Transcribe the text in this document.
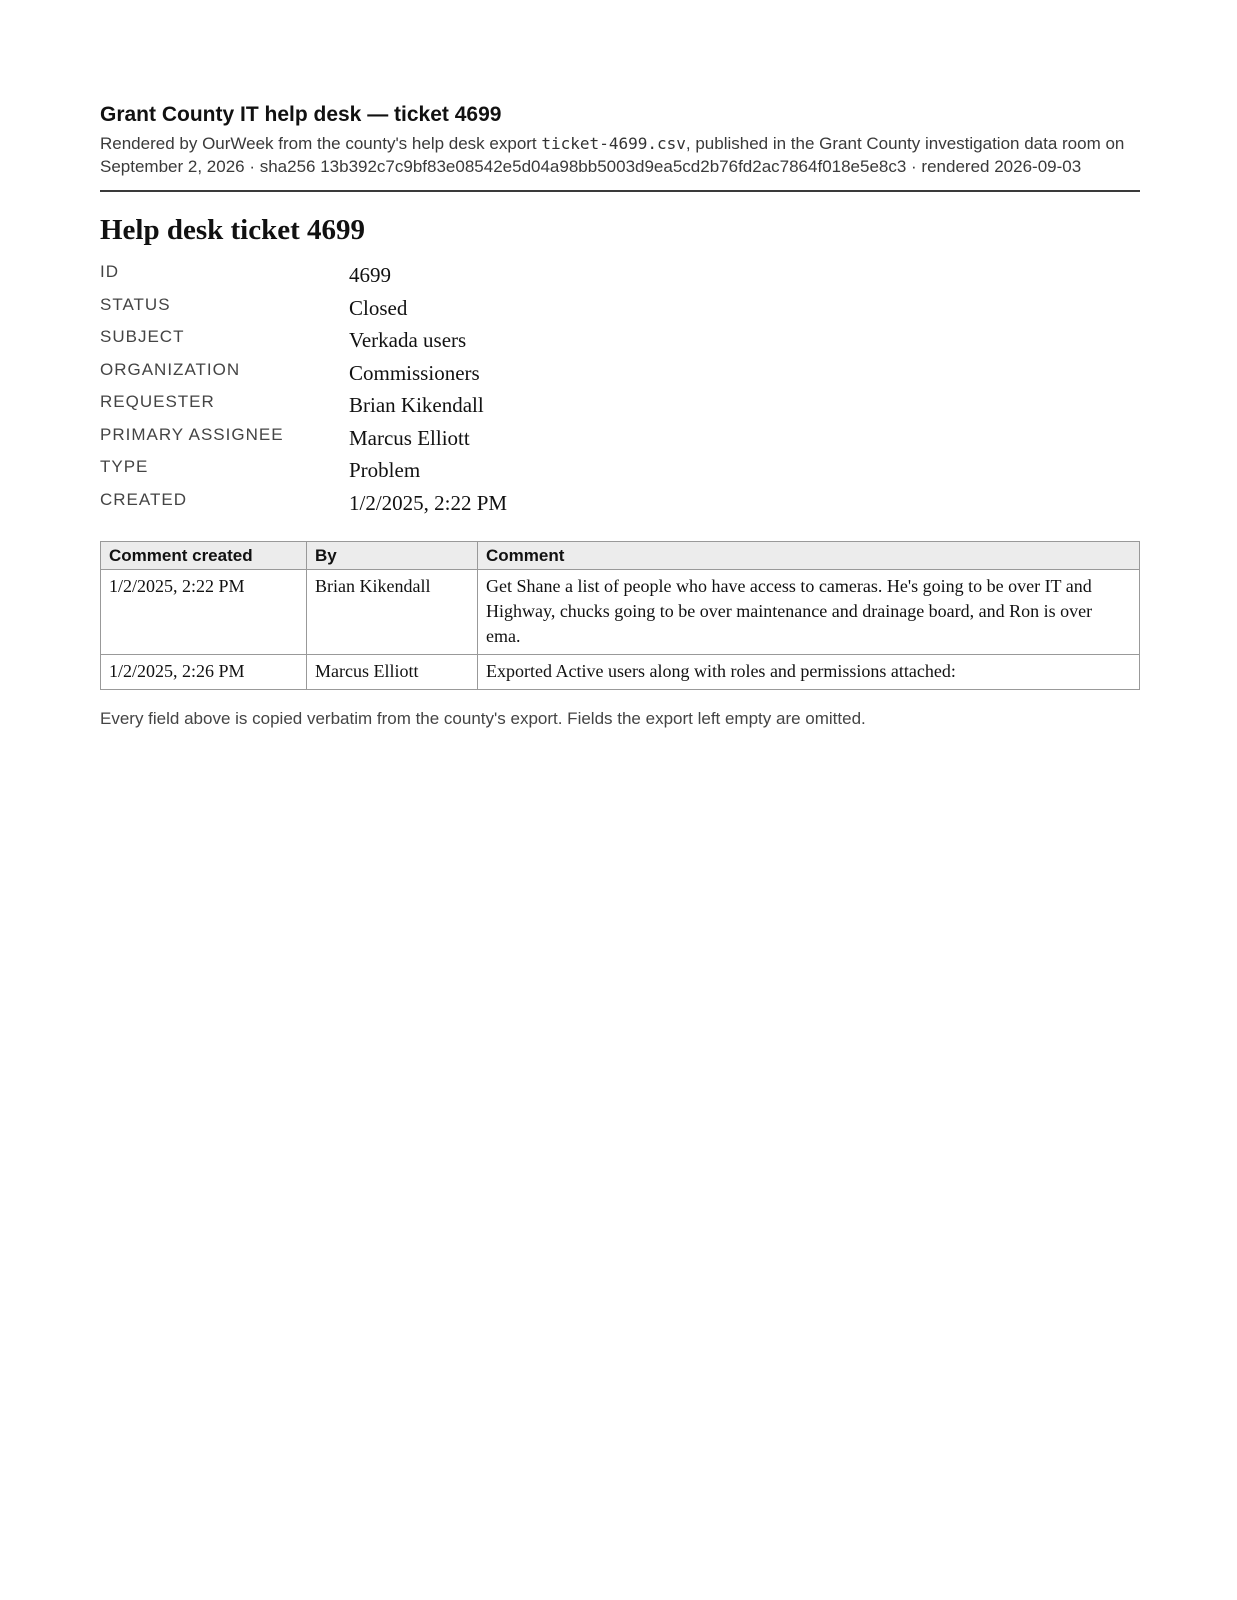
Grant County IT help desk — ticket 4699

Rendered by OurWeek from the county's help desk export ticket-4699.csv, published in the Grant County investigation data room on September 2, 2026 · sha256 13b392c7c9bf83e08542e5d04a98bb5003d9ea5cd2b76fd2ac7864f018e5e8c3 · rendered 2026-09-03

Help desk ticket 4699
ID	4699
STATUS	Closed
SUBJECT	Verkada users
ORGANIZATION	Commissioners
REQUESTER	Brian Kikendall
PRIMARY ASSIGNEE	Marcus Elliott
TYPE	Problem
CREATED	1/2/2025, 2:22 PM
Comment created	By	Comment
1/2/2025, 2:22 PM	Brian Kikendall	Get Shane a list of people who have access to cameras. He's going to be over IT and Highway, chucks going to be over maintenance and drainage board, and Ron is over ema.
1/2/2025, 2:26 PM	Marcus Elliott	Exported Active users along with roles and permissions attached:

Every field above is copied verbatim from the county's export. Fields the export left empty are omitted.
